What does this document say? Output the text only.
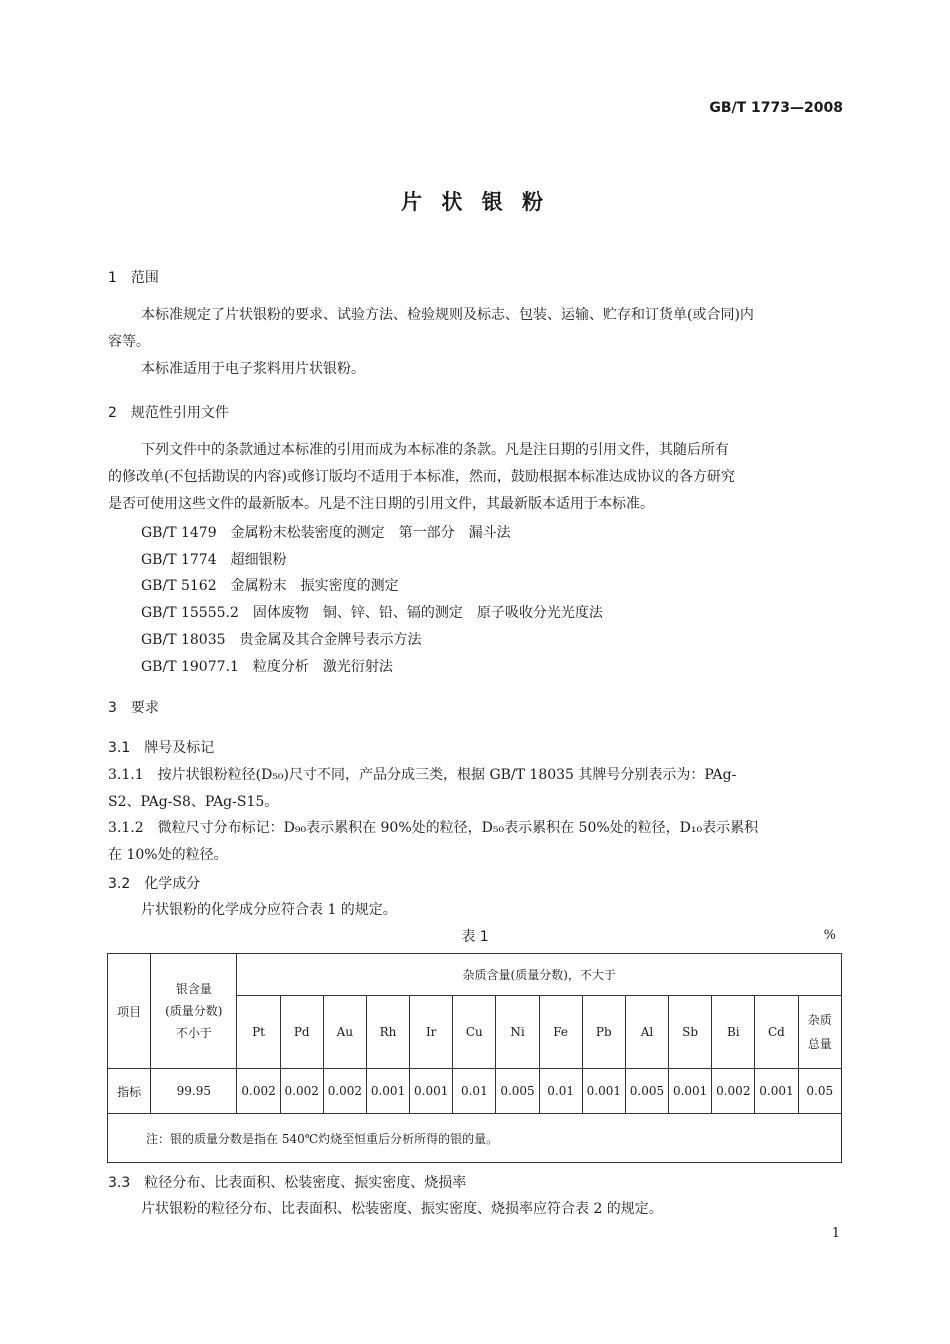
GB/T 1773—2008
片 状 银 粉
1　范围
本标准规定了片状银粉的要求、试验方法、检验规则及标志、包装、运输、贮存和订货单(或合同)内
容等。
本标准适用于电子浆料用片状银粉。
2　规范性引用文件
下列文件中的条款通过本标准的引用而成为本标准的条款。凡是注日期的引用文件，其随后所有
的修改单(不包括勘误的内容)或修订版均不适用于本标准，然而，鼓励根据本标准达成协议的各方研究
是否可使用这些文件的最新版本。凡是不注日期的引用文件，其最新版本适用于本标准。
GB/T 1479　金属粉末松装密度的测定　第一部分　漏斗法
GB/T 1774　超细银粉
GB/T 5162　金属粉末　振实密度的测定
GB/T 15555.2　固体废物　铜、锌、铅、镉的测定　原子吸收分光光度法
GB/T 18035　贵金属及其合金牌号表示方法
GB/T 19077.1　粒度分析　激光衍射法
3　要求
3.1　牌号及标记
3.1.1　按片状银粉粒径(D₅₀)尺寸不同，产品分成三类，根据 GB/T 18035 其牌号分别表示为：PAg-
S2、PAg-S8、PAg-S15。
3.1.2　微粒尺寸分布标记：D₉₀表示累积在 90%处的粒径，D₅₀表示累积在 50%处的粒径，D₁₀表示累积
在 10%处的粒径。
3.2　化学成分
片状银粉的化学成分应符合表 1 的规定。
表 1	%
项目	银含量
(质量分数)
不小于	杂质含量(质量分数)，不大于													
		Pt	Pd	Au	Rh	Ir	Cu	Ni	Fe	Pb	Al	Sb	Bi	Cd	杂质
总量

指标	99.95	0.002	0.002	0.002	0.001	0.001	0.01	0.005	0.01	0.001	0.005	0.001	0.002	0.001	0.05
注：银的质量分数是指在 540℃灼烧至恒重后分析所得的银的量。															
3.3　粒径分布、比表面积、松装密度、振实密度、烧损率
片状银粉的粒径分布、比表面积、松装密度、振实密度、烧损率应符合表 2 的规定。
1
